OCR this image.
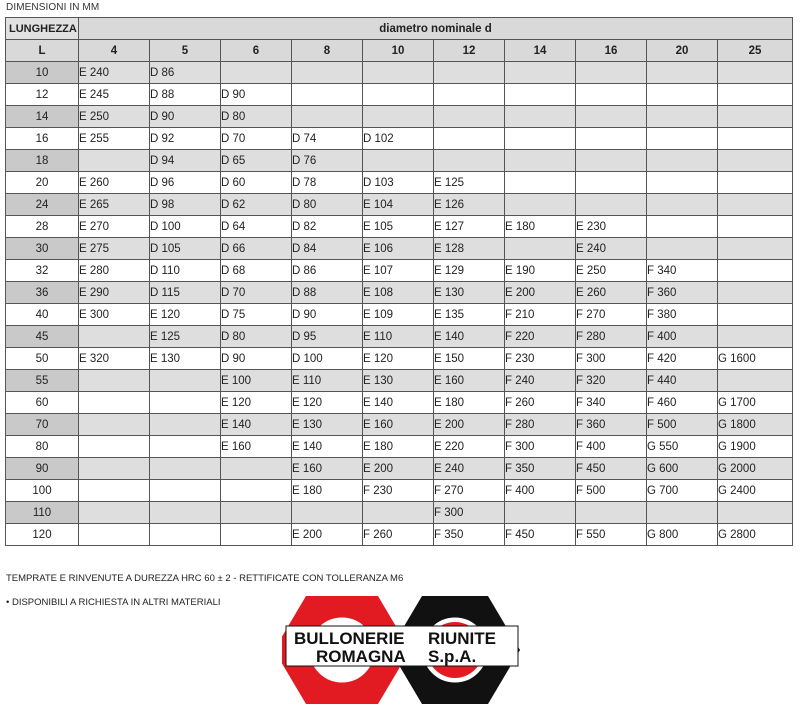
DIMENSIONI IN MM
LUNGHEZZA	diametro nominale d									
L	4	5	6	8	10	12	14	16	20	25
10	E 240	D 86								
12	E 245	D 88	D 90							
14	E 250	D 90	D 80							
16	E 255	D 92	D 70	D 74	D 102					
18		D 94	D 65	D 76						
20	E 260	D 96	D 60	D 78	D 103	E 125				
24	E 265	D 98	D 62	D 80	E 104	E 126				
28	E 270	D 100	D 64	D 82	E 105	E 127	E 180	E 230		
30	E 275	D 105	D 66	D 84	E 106	E 128		E 240		
32	E 280	D 110	D 68	D 86	E 107	E 129	E 190	E 250	F 340	
36	E 290	D 115	D 70	D 88	E 108	E 130	E 200	E 260	F 360	
40	E 300	E 120	D 75	D 90	E 109	E 135	F 210	F 270	F 380	
45		E 125	D 80	D 95	E 110	E 140	F 220	F 280	F 400	
50	E 320	E 130	D 90	D 100	E 120	E 150	F 230	F 300	F 420	G 1600
55			E 100	E 110	E 130	E 160	F 240	F 320	F 440	
60			E 120	E 120	E 140	E 180	F 260	F 340	F 460	G 1700
70			E 140	E 130	E 160	E 200	F 280	F 360	F 500	G 1800
80			E 160	E 140	E 180	E 220	F 300	F 400	G 550	G 1900
90				E 160	E 200	E 240	F 350	F 450	G 600	G 2000
100				E 180	F 230	F 270	F 400	F 500	G 700	G 2400
110						F 300				
120				E 200	F 260	F 350	F 450	F 550	G 800	G 2800
TEMPRATE E RINVENUTE A DUREZZA HRC 60 ± 2 - RETTIFICATE CON TOLLERANZA M6
• DISPONIBILI A RICHIESTA IN ALTRI MATERIALI
BULLONERIE RIUNITE
ROMAGNA S.p.A.
